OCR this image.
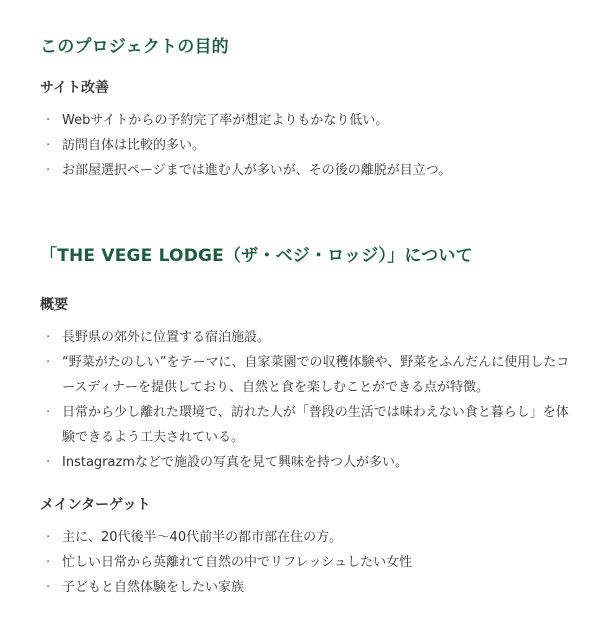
このプロジェクトの目的
サイト改善
· Webサイトからの予約完了率が想定よりもかなり低い。
· 訪問自体は比較的多い。
· お部屋選択ページまでは進む人が多いが、その後の離脱が目立つ。
「THE VEGE LODGE（ザ・ベジ・ロッジ）」について
概要
· 長野県の郊外に位置する宿泊施設。
· “野菜がたのしい”をテーマに、自家菜園での収穫体験や、野菜をふんだんに使用したコースディナーを提供しており、自然と食を楽しむことができる点が特徴。
· 日常から少し離れた環境で、訪れた人が「普段の生活では味わえない食と暮らし」を体験できるよう工夫されている。
· Instagrazmなどで施設の写真を見て興味を持つ人が多い。
メインターゲット
· 主に、20代後半〜40代前半の都市部在住の方。
· 忙しい日常から英離れて自然の中でリフレッシュしたい女性
· 子どもと自然体験をしたい家族
